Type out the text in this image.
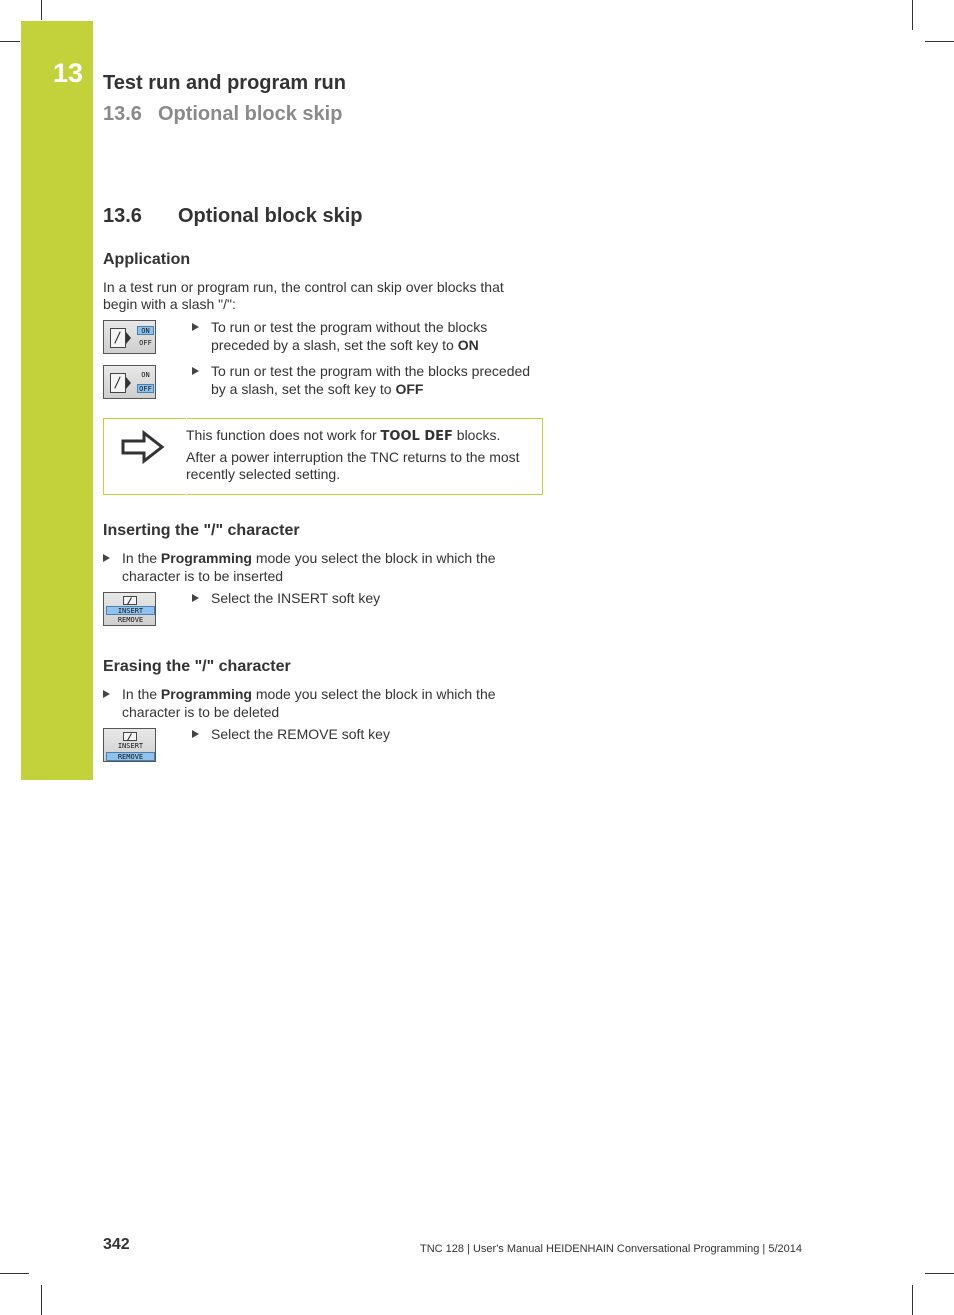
13 Test run and program run
13.6 Optional block skip
13.6 Optional block skip
Application
In a test run or program run, the control can skip over blocks that begin with a slash "/":
ON
OFF
To run or test the program without the blocks preceded by a slash, set the soft key to ON
ON
OFF
To run or test the program with the blocks preceded by a slash, set the soft key to OFF
This function does not work for TOOL DEF blocks.
After a power interruption the TNC returns to the most recently selected setting.
Inserting the "/" character
In the Programming mode you select the block in which the character is to be inserted
INSERT
REMOVE
Select the INSERT soft key
Erasing the "/" character
In the Programming mode you select the block in which the character is to be deleted
INSERT
REMOVE
Select the REMOVE soft key
342	TNC 128 | User's Manual HEIDENHAIN Conversational Programming | 5/2014
